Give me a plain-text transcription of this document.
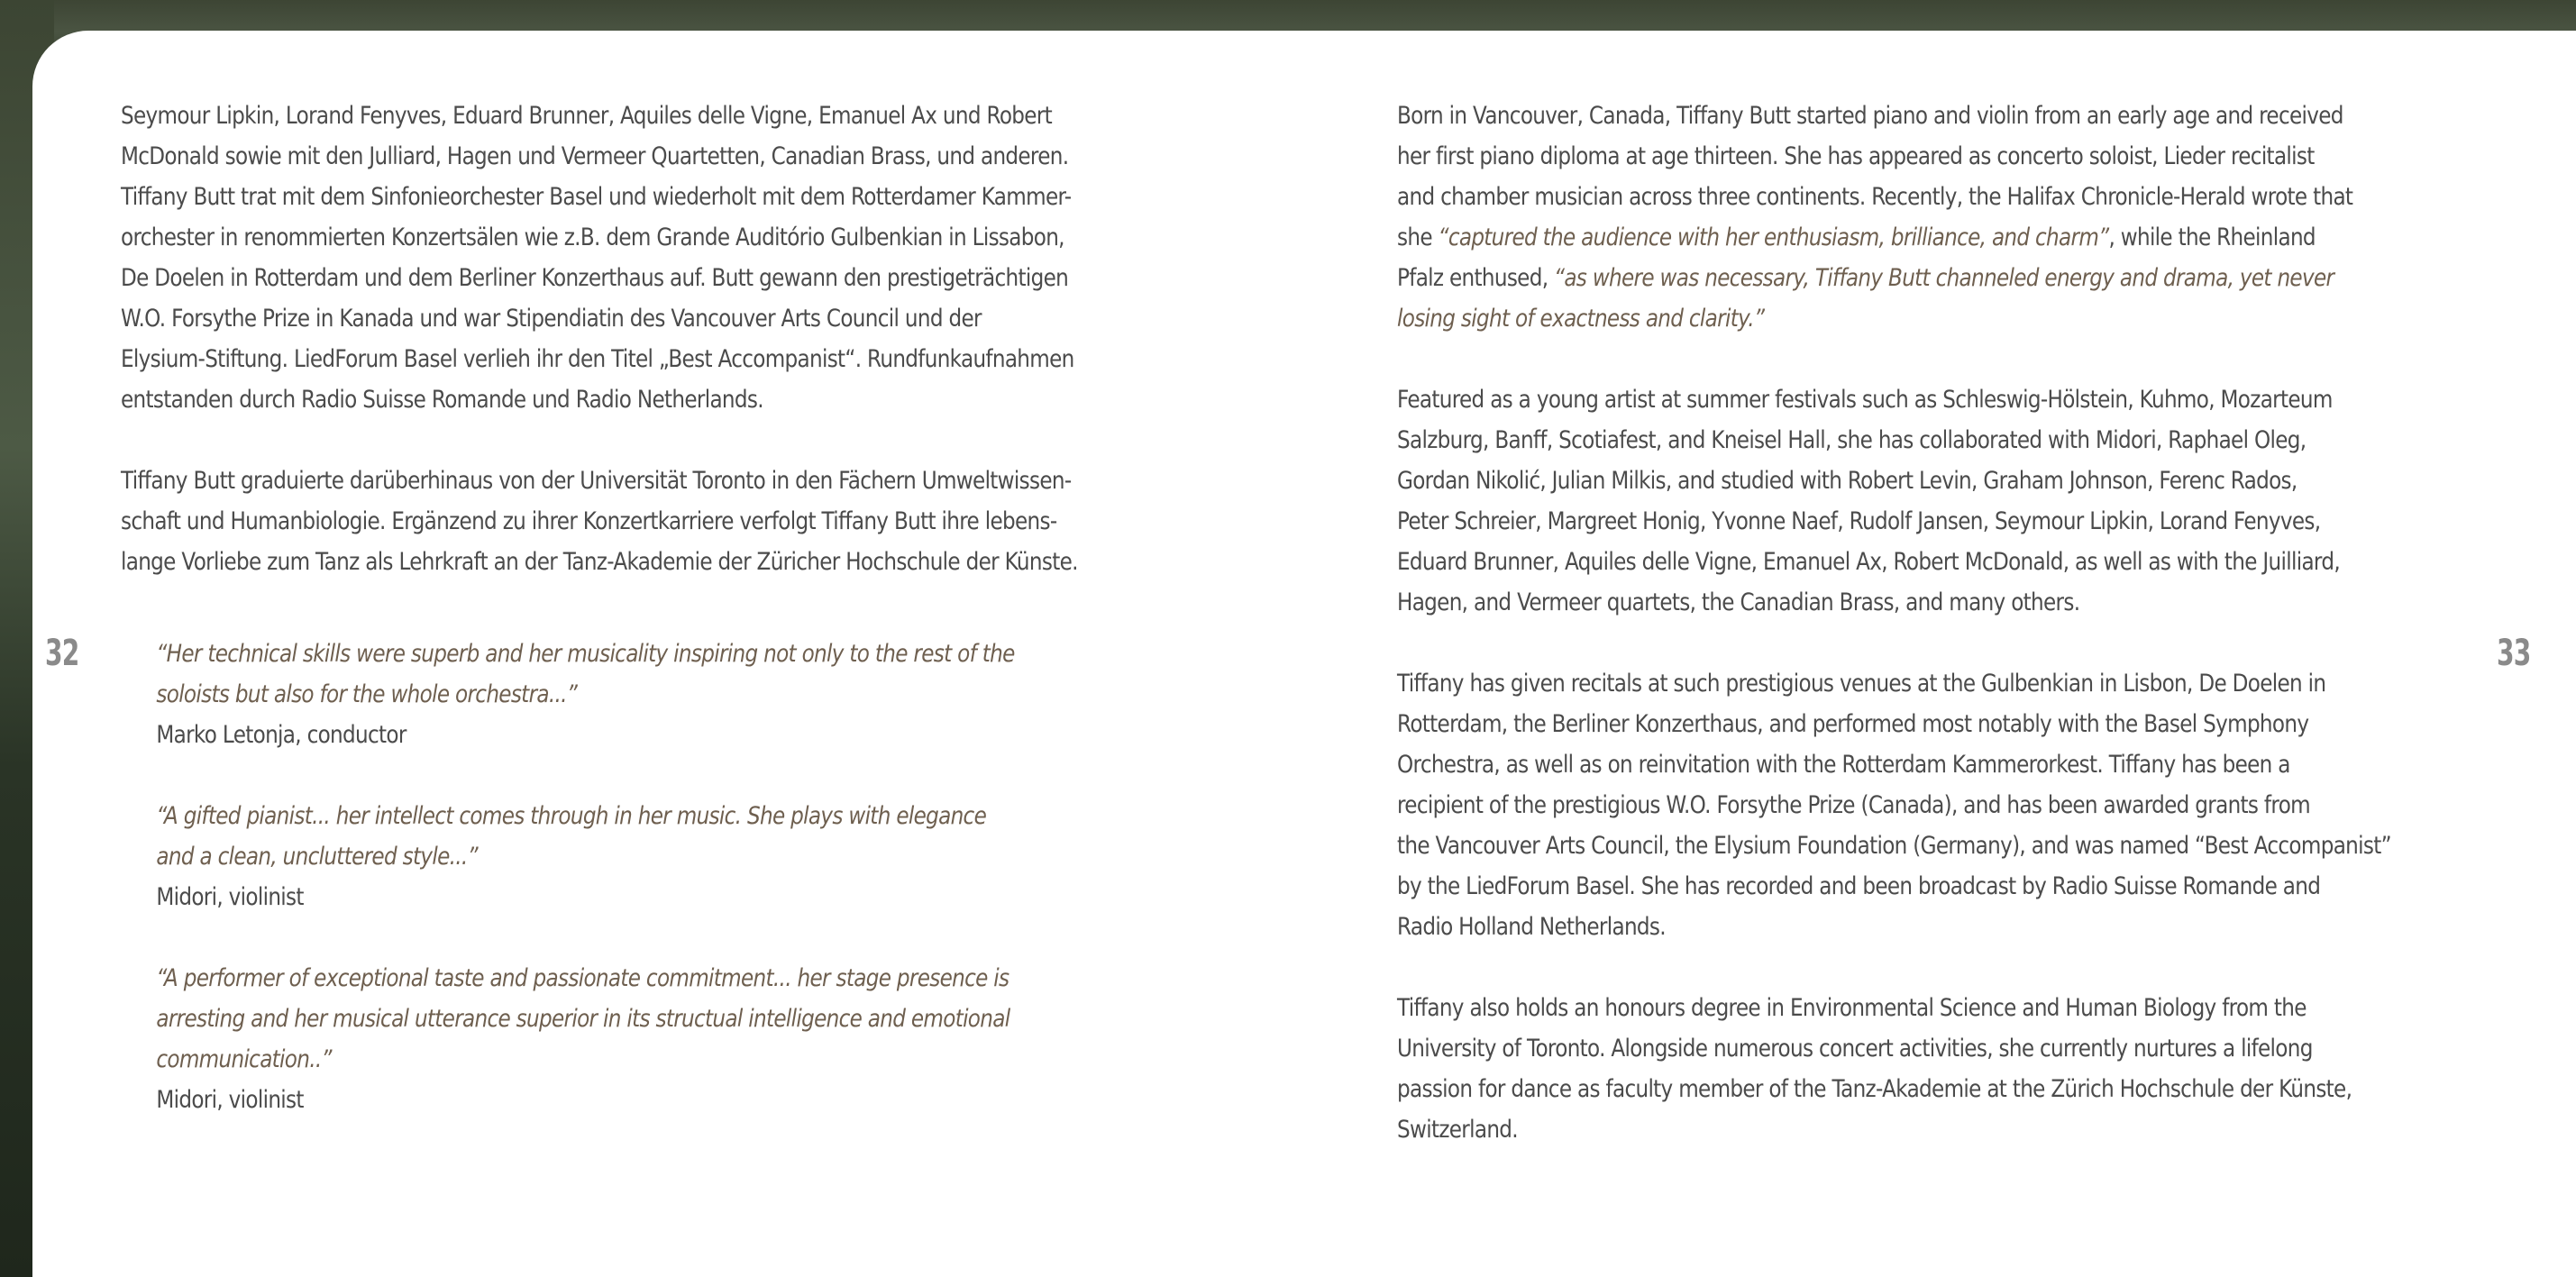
32	33
Seymour Lipkin, Lorand Fenyves, Eduard Brunner, Aquiles delle Vigne, Emanuel Ax und Robert
McDonald sowie mit den Julliard, Hagen und Vermeer Quartetten, Canadian Brass, und anderen.
Tiffany Butt trat mit dem Sinfonieorchester Basel und wiederholt mit dem Rotterdamer Kammer-
orchester in renommierten Konzertsälen wie z.B. dem Grande Auditório Gulbenkian in Lissabon,
De Doelen in Rotterdam und dem Berliner Konzerthaus auf. Butt gewann den prestigeträchtigen
W.O. Forsythe Prize in Kanada und war Stipendiatin des Vancouver Arts Council und der
Elysium-Stiftung. LiedForum Basel verlieh ihr den Titel „Best Accompanist“. Rundfunkaufnahmen
entstanden durch Radio Suisse Romande und Radio Netherlands.
Tiffany Butt graduierte darüberhinaus von der Universität Toronto in den Fächern Umweltwissen-
schaft und Humanbiologie. Ergänzend zu ihrer Konzertkarriere verfolgt Tiffany Butt ihre lebens-
lange Vorliebe zum Tanz als Lehrkraft an der Tanz-Akademie der Züricher Hochschule der Künste.
“Her technical skills were superb and her musicality inspiring not only to the rest of the
soloists but also for the whole orchestra...”
Marko Letonja, conductor
“A gifted pianist... her intellect comes through in her music. She plays with elegance
and a clean, uncluttered style...”
Midori, violinist
“A performer of exceptional taste and passionate commitment... her stage presence is
arresting and her musical utterance superior in its structual intelligence and emotional
communication..”
Midori, violinist
Born in Vancouver, Canada, Tiffany Butt started piano and violin from an early age and received
her first piano diploma at age thirteen. She has appeared as concerto soloist, Lieder recitalist
and chamber musician across three continents. Recently, the Halifax Chronicle-Herald wrote that
she “captured the audience with her enthusiasm, brilliance, and charm”, while the Rheinland
Pfalz enthused, “as where was necessary, Tiffany Butt channeled energy and drama, yet never
losing sight of exactness and clarity.”
Featured as a young artist at summer festivals such as Schleswig-Hölstein, Kuhmo, Mozarteum
Salzburg, Banff, Scotiafest, and Kneisel Hall, she has collaborated with Midori, Raphael Oleg,
Gordan Nikolić, Julian Milkis, and studied with Robert Levin, Graham Johnson, Ferenc Rados,
Peter Schreier, Margreet Honig, Yvonne Naef, Rudolf Jansen, Seymour Lipkin, Lorand Fenyves,
Eduard Brunner, Aquiles delle Vigne, Emanuel Ax, Robert McDonald, as well as with the Juilliard,
Hagen, and Vermeer quartets, the Canadian Brass, and many others.
Tiffany has given recitals at such prestigious venues at the Gulbenkian in Lisbon, De Doelen in
Rotterdam, the Berliner Konzerthaus, and performed most notably with the Basel Symphony
Orchestra, as well as on reinvitation with the Rotterdam Kammerorkest. Tiffany has been a
recipient of the prestigious W.O. Forsythe Prize (Canada), and has been awarded grants from
the Vancouver Arts Council, the Elysium Foundation (Germany), and was named “Best Accompanist”
by the LiedForum Basel. She has recorded and been broadcast by Radio Suisse Romande and
Radio Holland Netherlands.
Tiffany also holds an honours degree in Environmental Science and Human Biology from the
University of Toronto. Alongside numerous concert activities, she currently nurtures a lifelong
passion for dance as faculty member of the Tanz-Akademie at the Zürich Hochschule der Künste,
Switzerland.
